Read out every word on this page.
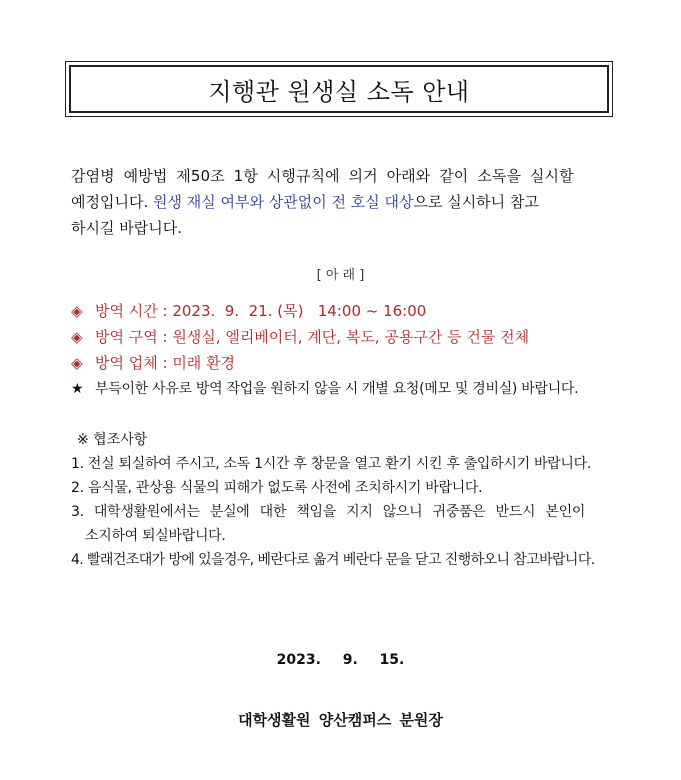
지행관 원생실 소독 안내
감염병 예방법 제50조 1항 시행규칙에 의거 아래와 같이 소독을 실시할
예정입니다. 원생 재실 여부와 상관없이 전 호실 대상으로 실시하니 참고
하시길 바랍니다.
[ 아 래 ]
◈ 방역 시간 : 2023.  9.  21. (목)   14:00 ~ 16:00
◈ 방역 구역 : 원생실, 엘리베이터, 계단, 복도, 공용구간 등 건물 전체
◈ 방역 업체 : 미래 환경
★ 부득이한 사유로 방역 작업을 원하지 않을 시 개별 요청(메모 및 경비실) 바랍니다.
※ 협조사항
1. 전실 퇴실하여 주시고, 소독 1시간 후 창문을 열고 환기 시킨 후 출입하시기 바랍니다.
2. 음식물, 관상용 식물의 피해가 없도록 사전에 조치하시기 바랍니다.
3. 대학생활원에서는 분실에 대한 책임을 지지 않으니 귀중품은 반드시 본인이
소지하여 퇴실바랍니다.
4. 빨래건조대가 방에 있을경우, 베란다로 옮겨 베란다 문을 닫고 진행하오니 참고바랍니다.
2023.  9.  15.
대학생활원 양산캠퍼스 분원장
